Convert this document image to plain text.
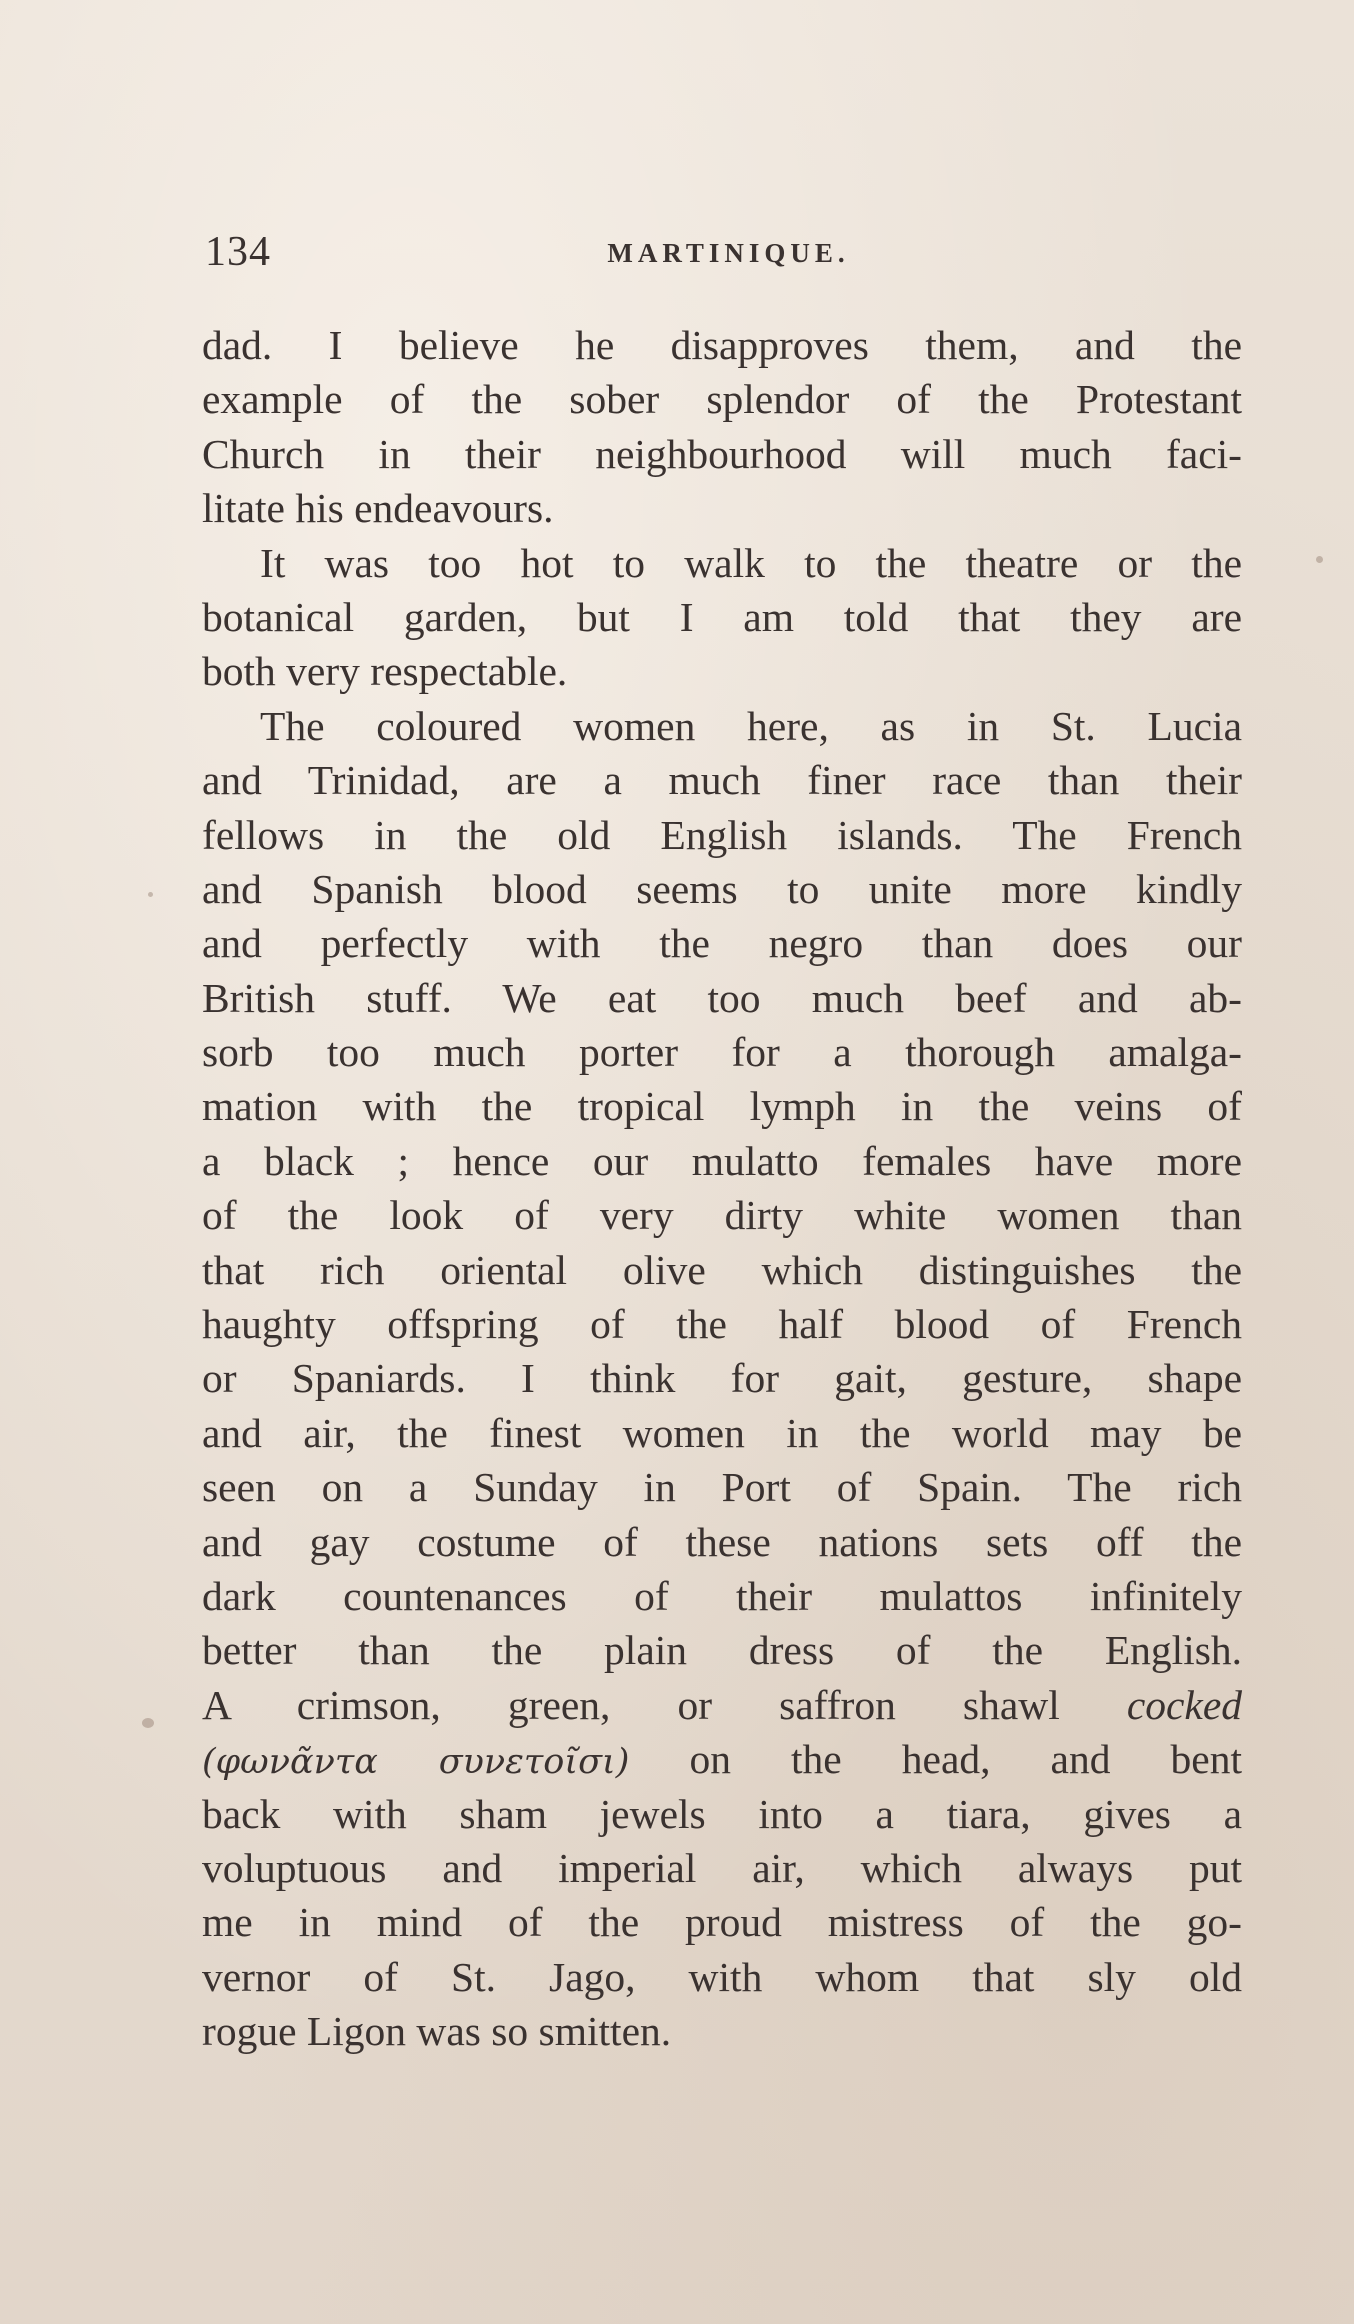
134	MARTINIQUE.
dad. I believe he disapproves them, and the
example of the sober splendor of the Protestant
Church in their neighbourhood will much faci-
litate his endeavours.
It was too hot to walk to the theatre or the
botanical garden, but I am told that they are
both very respectable.
The coloured women here, as in St. Lucia
and Trinidad, are a much finer race than their
fellows in the old English islands. The French
and Spanish blood seems to unite more kindly
and perfectly with the negro than does our
British stuff. We eat too much beef and ab-
sorb too much porter for a thorough amalga-
mation with the tropical lymph in the veins of
a black ; hence our mulatto females have more
of the look of very dirty white women than
that rich oriental olive which distinguishes the
haughty offspring of the half blood of French
or Spaniards. I think for gait, gesture, shape
and air, the finest women in the world may be
seen on a Sunday in Port of Spain. The rich
and gay costume of these nations sets off the
dark countenances of their mulattos infinitely
better than the plain dress of the English.
A crimson, green, or saffron shawl cocked
(φωνᾶντα συνετοῖσι) on the head, and bent
back with sham jewels into a tiara, gives a
voluptuous and imperial air, which always put
me in mind of the proud mistress of the go-
vernor of St. Jago, with whom that sly old
rogue Ligon was so smitten.
